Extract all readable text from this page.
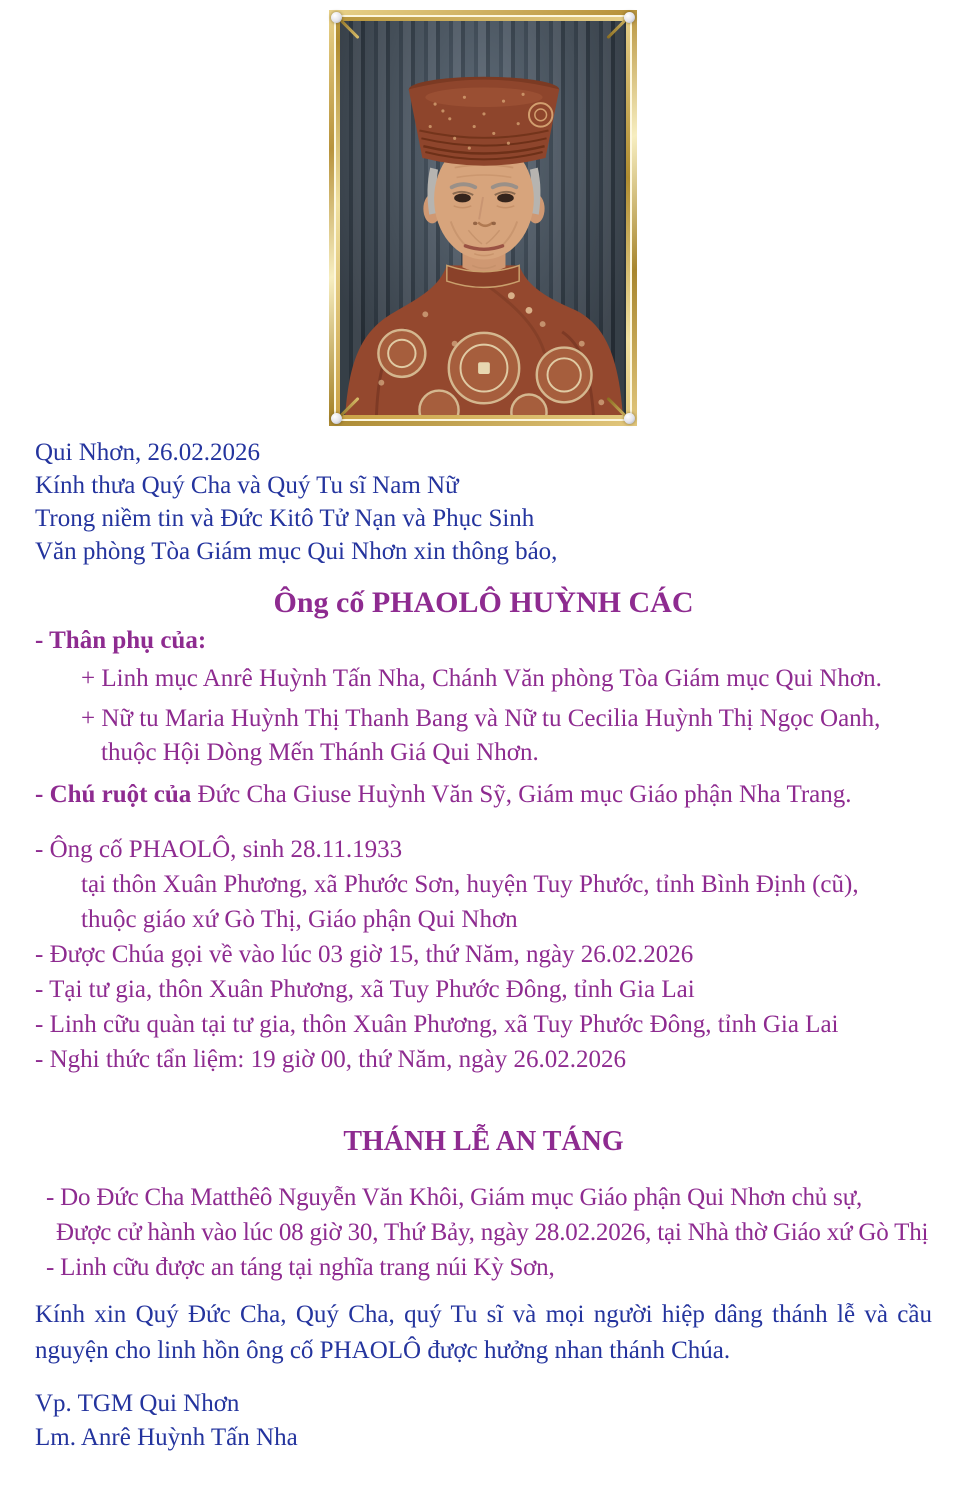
Qui Nhơn, 26.02.2026
Kính thưa Quý Cha và Quý Tu sĩ Nam Nữ
Trong niềm tin và Đức Kitô Tử Nạn và Phục Sinh
Văn phòng Tòa Giám mục Qui Nhơn xin thông báo,
Ông cố PHAOLÔ HUỲNH CÁC
- Thân phụ của:
+ Linh mục Anrê Huỳnh Tấn Nha, Chánh Văn phòng Tòa Giám mục Qui Nhơn.
+ Nữ tu Maria Huỳnh Thị Thanh Bang và Nữ tu Cecilia Huỳnh Thị Ngọc Oanh,
thuộc Hội Dòng Mến Thánh Giá Qui Nhơn.
- Chú ruột của Đức Cha Giuse Huỳnh Văn Sỹ, Giám mục Giáo phận Nha Trang.
- Ông cố PHAOLÔ, sinh 28.11.1933
tại thôn Xuân Phương, xã Phước Sơn, huyện Tuy Phước, tỉnh Bình Định (cũ),
thuộc giáo xứ Gò Thị, Giáo phận Qui Nhơn
- Được Chúa gọi về vào lúc 03 giờ 15, thứ Năm, ngày 26.02.2026
- Tại tư gia, thôn Xuân Phương, xã Tuy Phước Đông, tỉnh Gia Lai
- Linh cữu quàn tại tư gia, thôn Xuân Phương, xã Tuy Phước Đông, tỉnh Gia Lai
- Nghi thức tẩn liệm: 19 giờ 00, thứ Năm, ngày 26.02.2026
THÁNH LỄ AN TÁNG
- Do Đức Cha Matthêô Nguyễn Văn Khôi, Giám mục Giáo phận Qui Nhơn chủ sự,
Được cử hành vào lúc 08 giờ 30, Thứ Bảy, ngày 28.02.2026, tại Nhà thờ Giáo xứ Gò Thị
- Linh cữu được an táng tại nghĩa trang núi Kỳ Sơn,

Kính xin Quý Đức Cha, Quý Cha, quý Tu sĩ và mọi người hiệp dâng thánh lễ và cầu nguyện cho linh hồn ông cố PHAOLÔ được hưởng nhan thánh Chúa.

Vp. TGM Qui Nhơn
Lm. Anrê Huỳnh Tấn Nha
